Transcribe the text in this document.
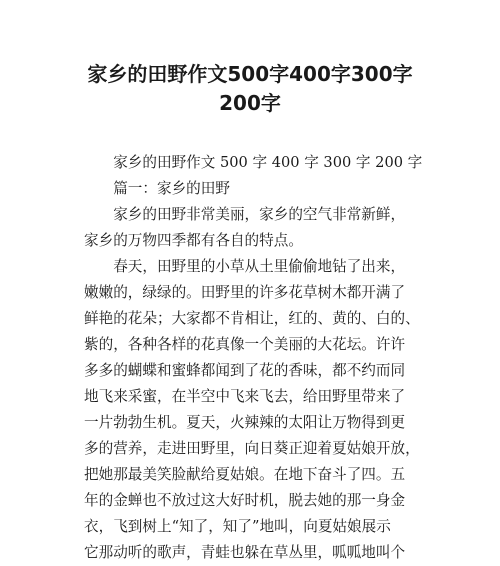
家乡的田野作文500字400字300字
200字
家乡的田野作文 500 字 400 字 300 字 200 字
篇一：家乡的田野
家乡的田野非常美丽，家乡的空气非常新鲜，
家乡的万物四季都有各自的特点。
春天，田野里的小草从土里偷偷地钻了出来，
嫩嫩的，绿绿的。田野里的许多花草树木都开满了
鲜艳的花朵；大家都不肯相让，红的、黄的、白的、
紫的，各种各样的花真像一个美丽的大花坛。许许
多多的蝴蝶和蜜蜂都闻到了花的香味，都不约而同
地飞来采蜜，在半空中飞来飞去，给田野里带来了
一片勃勃生机。夏天，火辣辣的太阳让万物得到更
多的营养，走进田野里，向日葵正迎着夏姑娘开放，
把她那最美笑脸献给夏姑娘。在地下奋斗了四。五
年的金蝉也不放过这大好时机，脱去她的那一身金
衣，飞到树上“知了，知了”地叫，向夏姑娘展示
它那动听的歌声，青蛙也躲在草丛里，呱呱地叫个
